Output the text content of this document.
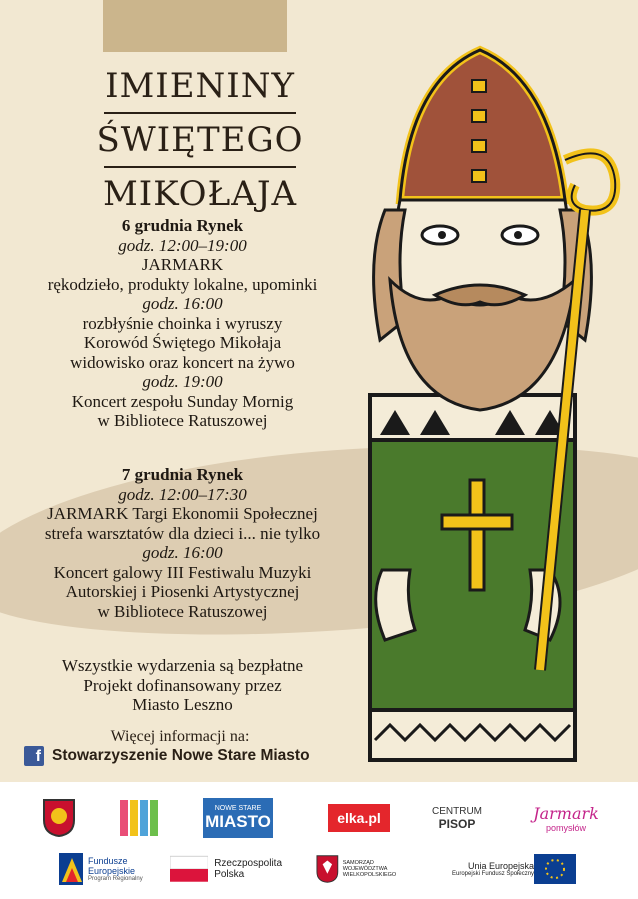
IMIENINY
ŚWIĘTEGO
MIKOŁAJA
6 grudnia Rynek
godz. 12:00–19:00
JARMARK
rękodzieło, produkty lokalne, upominki
godz. 16:00
rozbłyśnie choinka i wyruszy
Korowód Świętego Mikołaja
widowisko oraz koncert na żywo
godz. 19:00
Koncert zespołu Sunday Mornig
w Bibliotece Ratuszowej
7 grudnia Rynek
godz. 12:00–17:30
JARMARK Targi Ekonomii Społecznej
strefa warsztatów dla dzieci i... nie tylko
godz. 16:00
Koncert galowy III Festiwalu Muzyki
Autorskiej i Piosenki Artystycznej
w Bibliotece Ratuszowej
Wszystkie wydarzenia są bezpłatne
Projekt dofinansowany przez
Miasto Leszno
Więcej informacji na:
f Stowarzyszenie Nowe Stare Miasto
NOWE STARE
MIASTO	elka.pl	CENTRUM
PISOP
Jarmark
pomysłów
Fundusze
Europejskie
Program Regionalny
Rzeczpospolita
Polska
SAMORZĄD WOJEWÓDZTWA
WIELKOPOLSKIEGO
Unia Europejska
Europejski Fundusz Społeczny
